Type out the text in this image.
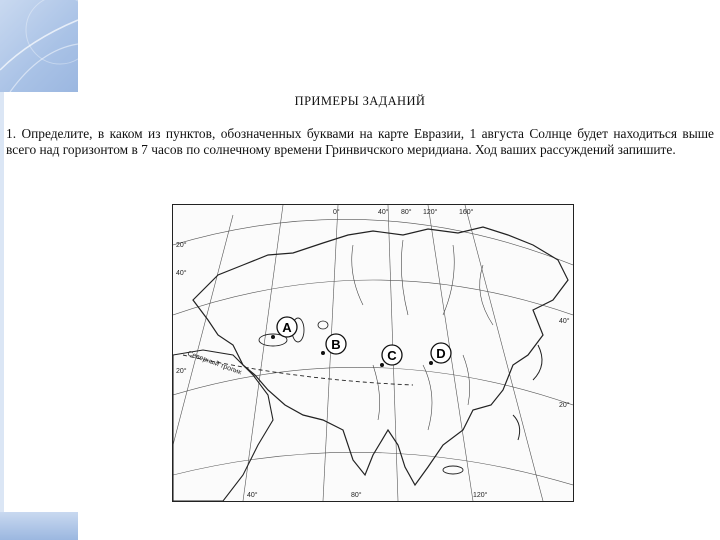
ПРИМЕРЫ ЗАДАНИЙ
1. Определите, в каком из пунктов, обозначенных буквами на карте Евразии, 1 августа Солнце будет находиться выше всего над горизонтом в 7 часов по солнечному времени Гринвичского меридиана. Ход ваших рассуждений запишите.
0°	40° 80° 120°	160°
40°	80°	120°
20°
40°
20°
40°
20°
Северный тропик
A
B
C	D
